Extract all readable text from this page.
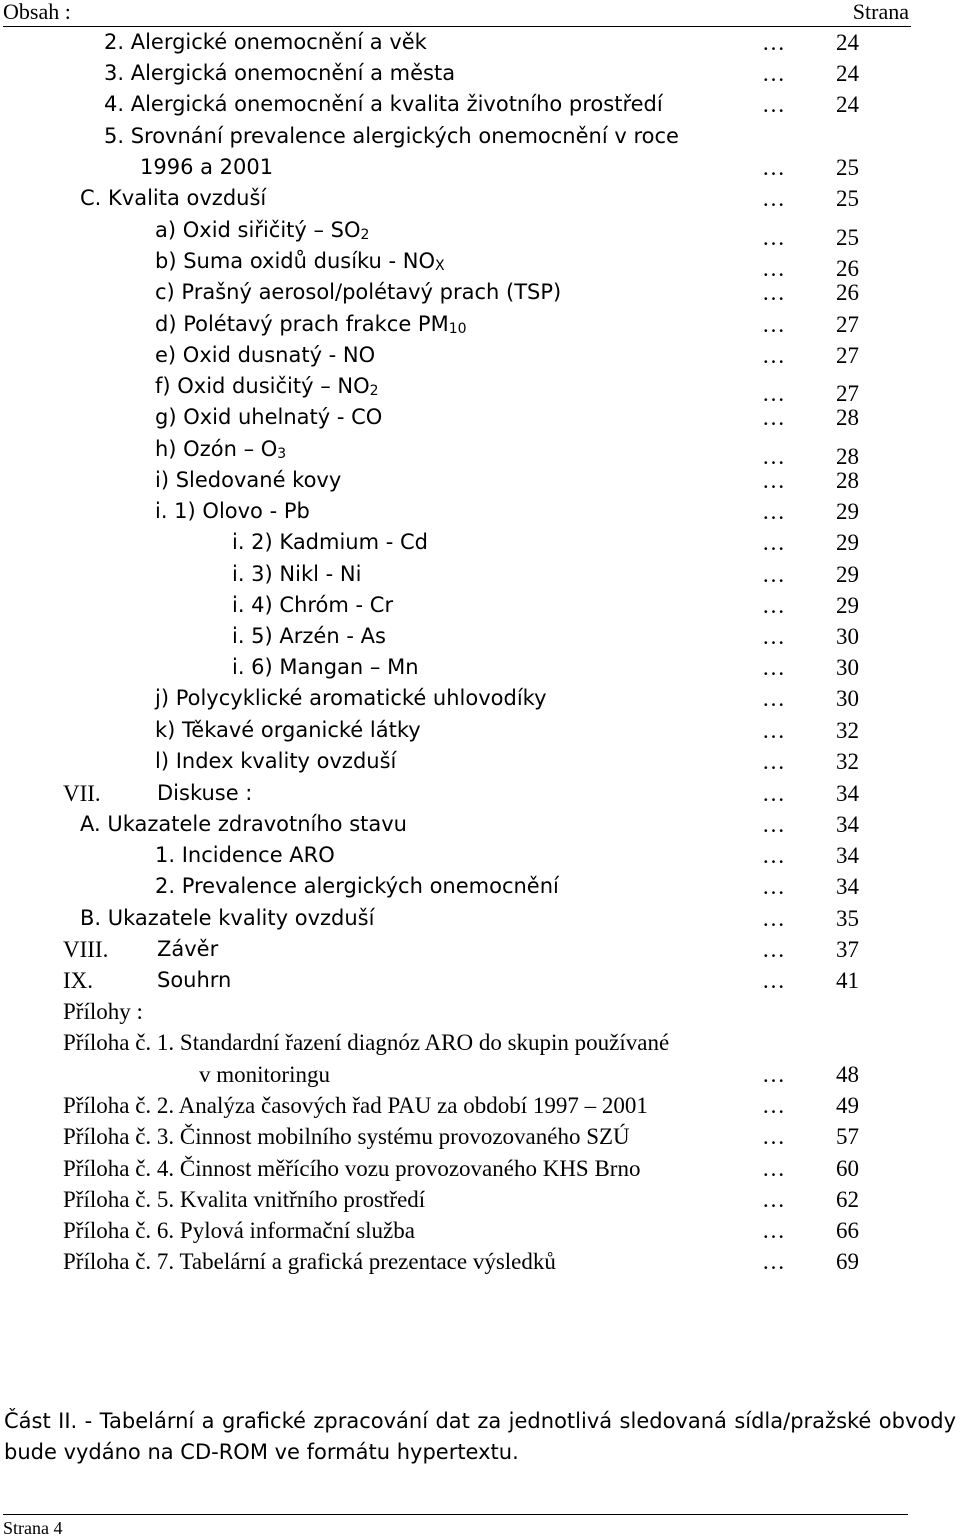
Obsah :	Strana
2. Alergické onemocnění a věk	… 24
3. Alergická onemocnění a města	… 24
4. Alergická onemocnění a kvalita životního prostředí	… 24
5. Srovnání prevalence alergických onemocnění v roce
1996 a 2001	… 25
C. Kvalita ovzduší	… 25
a) Oxid siřičitý – $SO_2$	… 25
b) Suma oxidů dusíku - $NO_X$	… 26
c) Prašný aerosol/polétavý prach (TSP)	… 26
d) Polétavý prach frakce $PM_{10}$	… 27
e) Oxid dusnatý - NO	… 27
f) Oxid dusičitý – $NO_2$	… 27
g) Oxid uhelnatý - CO	… 28
h) Ozón – $O_3$	… 28
i) Sledované kovy	… 28
i. 1) Olovo - Pb	… 29
i. 2) Kadmium - Cd	… 29
i. 3) Nikl - Ni	… 29
i. 4) Chróm - Cr	… 29
i. 5) Arzén - As	… 30
i. 6) Mangan – Mn	… 30
j) Polycyklické aromatické uhlovodíky	… 30
k) Těkavé organické látky	… 32
l) Index kvality ovzduší	… 32
VII.	Diskuse :	… 34
A. Ukazatele zdravotního stavu	… 34
1. Incidence ARO	… 34
2. Prevalence alergických onemocnění	… 34
B. Ukazatele kvality ovzduší	… 35
VIII. Závěr	… 37
IX.	Souhrn	… 41
Přílohy :
Příloha č. 1. Standardní řazení diagnóz ARO do skupin používané
v monitoringu	… 48
Příloha č. 2. Analýza časových řad PAU za období 1997 – 2001	… 49
Příloha č. 3. Činnost mobilního systému provozovaného SZÚ	… 57
Příloha č. 4. Činnost měřícího vozu provozovaného KHS Brno	… 60
Příloha č. 5. Kvalita vnitřního prostředí	… 62
Příloha č. 6. Pylová informační služba	… 66
Příloha č. 7. Tabelární a grafická prezentace výsledků	… 69
Část II. - Tabelární a grafické zpracování dat za jednotlivá sledovaná sídla/pražské obvody bude vydáno na CD-ROM ve formátu hypertextu.
Strana 4
